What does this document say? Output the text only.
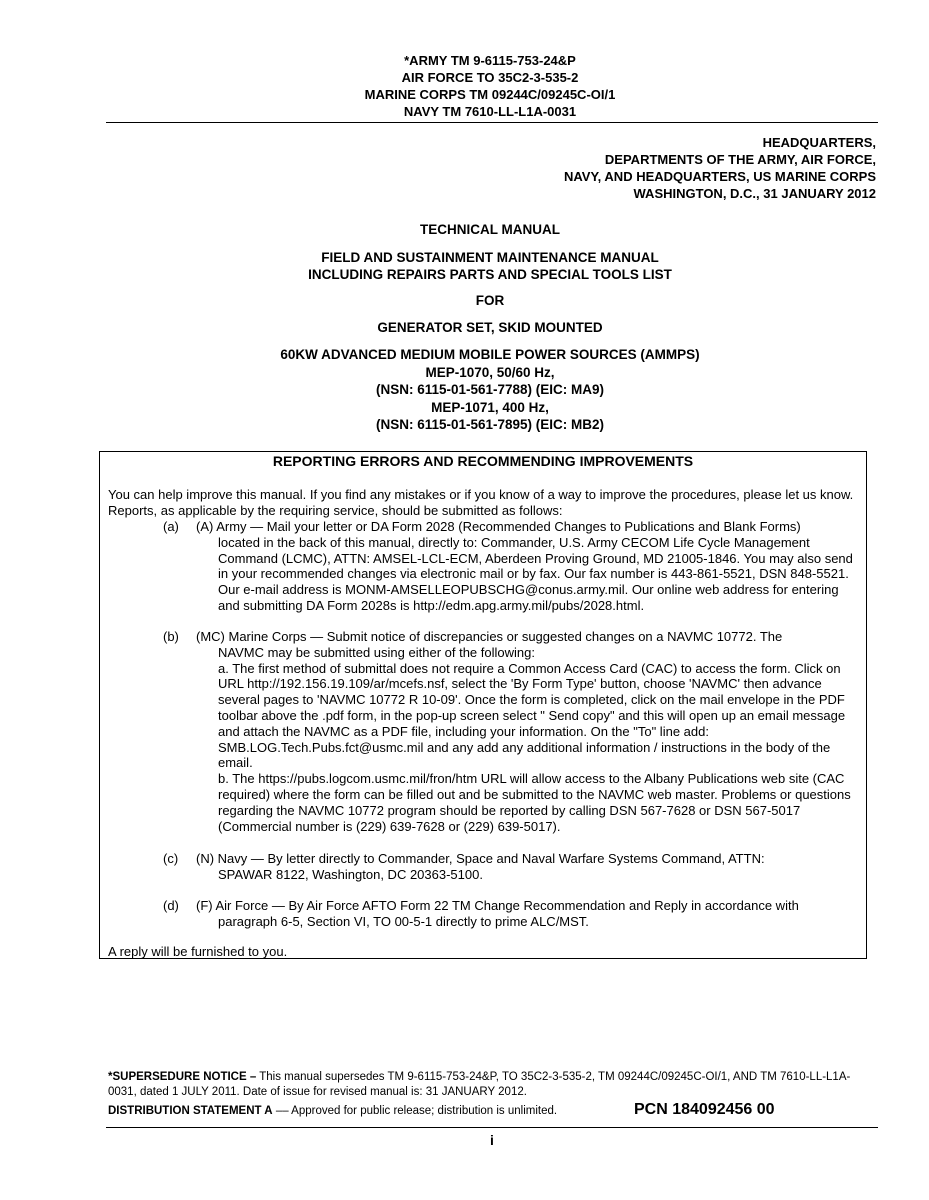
*ARMY TM 9-6115-753-24&P
AIR FORCE TO 35C2-3-535-2
MARINE CORPS TM 09244C/09245C-OI/1
NAVY TM 7610-LL-L1A-0031
HEADQUARTERS,
DEPARTMENTS OF THE ARMY, AIR FORCE,
NAVY, AND HEADQUARTERS, US MARINE CORPS
WASHINGTON, D.C., 31 JANUARY 2012
TECHNICAL MANUAL
FIELD AND SUSTAINMENT MAINTENANCE MANUAL
INCLUDING REPAIRS PARTS AND SPECIAL TOOLS LIST
FOR
GENERATOR SET, SKID MOUNTED
60KW ADVANCED MEDIUM MOBILE POWER SOURCES (AMMPS)
MEP-1070, 50/60 Hz,
(NSN: 6115-01-561-7788) (EIC: MA9)
MEP-1071, 400 Hz,
(NSN: 6115-01-561-7895) (EIC: MB2)
REPORTING ERRORS AND RECOMMENDING IMPROVEMENTS
You can help improve this manual. If you find any mistakes or if you know of a way to improve the procedures, please let us know. Reports, as applicable by the requiring service, should be submitted as follows:
(a) (A) Army — Mail your letter or DA Form 2028 (Recommended Changes to Publications and Blank Forms)
located in the back of this manual, directly to: Commander, U.S. Army CECOM Life Cycle Management Command (LCMC), ATTN: AMSEL-LCL-ECM, Aberdeen Proving Ground, MD 21005-1846. You may also send in your recommended changes via electronic mail or by fax. Our fax number is 443-861-5521, DSN 848-5521. Our e-mail address is MONM-AMSELLEOPUBSCHG@conus.army.mil. Our online web address for entering and submitting DA Form 2028s is http://edm.apg.army.mil/pubs/2028.html.
(b) (MC) Marine Corps — Submit notice of discrepancies or suggested changes on a NAVMC 10772. The
NAVMC may be submitted using either of the following:
a. The first method of submittal does not require a Common Access Card (CAC) to access the form. Click on URL http://192.156.19.109/ar/mcefs.nsf, select the 'By Form Type' button, choose 'NAVMC' then advance several pages to 'NAVMC 10772 R 10-09'. Once the form is completed, click on the mail envelope in the PDF toolbar above the .pdf form, in the pop-up screen select " Send copy" and this will open up an email message and attach the NAVMC as a PDF file, including your information. On the "To" line add: SMB.LOG.Tech.Pubs.fct@usmc.mil and any add any additional information / instructions in the body of the email.
b. The https://pubs.logcom.usmc.mil/fron/htm URL will allow access to the Albany Publications web site (CAC required) where the form can be filled out and be submitted to the NAVMC web master. Problems or questions regarding the NAVMC 10772 program should be reported by calling DSN 567-7628 or DSN 567-5017 (Commercial number is (229) 639-7628 or (229) 639-5017).
(c) (N) Navy — By letter directly to Commander, Space and Naval Warfare Systems Command, ATTN:
SPAWAR 8122, Washington, DC 20363-5100.
(d) (F) Air Force — By Air Force AFTO Form 22 TM Change Recommendation and Reply in accordance with
paragraph 6-5, Section VI, TO 00-5-1 directly to prime ALC/MST.
A reply will be furnished to you.
*SUPERSEDURE NOTICE – This manual supersedes TM 9-6115-753-24&P, TO 35C2-3-535-2, TM 09244C/09245C-OI/1, AND TM 7610-LL-L1A-0031, dated 1 JULY 2011. Date of issue for revised manual is: 31 JANUARY 2012.
DISTRIBUTION STATEMENT A –– Approved for public release; distribution is unlimited.	PCN 184092456 00
i
